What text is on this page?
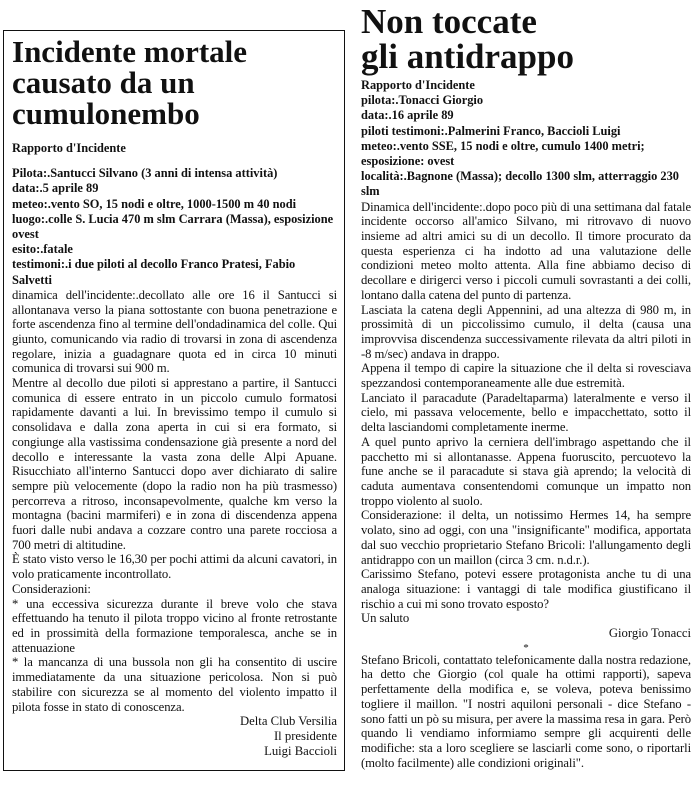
Incidente mortale
causato da un
cumulonembo

Rapporto d'Incidente

Pilota:.Santucci Silvano (3 anni di intensa attività)

data:.5 aprile 89

meteo:.vento SO, 15 nodi e oltre, 1000-1500 m 40 nodi

luogo:.colle S. Lucia 470 m slm Carrara (Massa), esposizione ovest

esito:.fatale

testimoni:.i due piloti al decollo Franco Pratesi, Fabio Salvetti

dinamica dell'incidente:.decollato alle ore 16 il Santucci si allontanava verso la piana sottostante con buona penetrazione e forte ascendenza fino al termine dell'ondadinamica del colle. Qui giunto, comunicando via radio di trovarsi in zona di ascendenza regolare, inizia a guadagnare quota ed in circa 10 minuti comunica di trovarsi sui 900 m.

Mentre al decollo due piloti si apprestano a partire, il Santucci comunica di essere entrato in un piccolo cumulo formatosi rapidamente davanti a lui. In brevissimo tempo il cumulo si consolidava e dalla zona aperta in cui si era formato, si congiunge alla vastissima condensazione già presente a nord del decollo e interessante la vasta zona delle Alpi Apuane. Risucchiato all'interno Santucci dopo aver dichiarato di salire sempre più velocemente (dopo la radio non ha più trasmesso) percorreva a ritroso, inconsapevolmente, qualche km verso la montagna (bacini marmiferi) e in zona di discendenza appena fuori dalle nubi andava a cozzare contro una parete rocciosa a 700 metri di altitudine.

È stato visto verso le 16,30 per pochi attimi da alcuni cavatori, in volo praticamente incontrollato.

Considerazioni:

* una eccessiva sicurezza durante il breve volo che stava effettuando ha tenuto il pilota troppo vicino al fronte retrostante ed in prossimità della formazione temporalesca, anche se in attenuazione

* la mancanza di una bussola non gli ha consentito di uscire immediatamente da una situazione pericolosa. Non si può stabilire con sicurezza se al momento del violento impatto il pilota fosse in stato di conoscenza.

Delta Club Versilia
Il presidente
Luigi Baccioli
Non toccate
gli antidrappo

Rapporto d'Incidente

pilota:.Tonacci Giorgio

data:.16 aprile 89

piloti testimoni:.Palmerini Franco, Baccioli Luigi

meteo:.vento SSE, 15 nodi e oltre, cumulo 1400 metri;

esposizione: ovest

località:.Bagnone (Massa); decollo 1300 slm, atterraggio 230 slm

Dinamica dell'incidente:.dopo poco più di una settimana dal fatale incidente occorso all'amico Silvano, mi ritrovavo di nuovo insieme ad altri amici su di un decollo. Il timore procurato da questa esperienza ci ha indotto ad una valutazione delle condizioni meteo molto attenta. Alla fine abbiamo deciso di decollare e dirigerci verso i piccoli cumuli sovrastanti a dei colli, lontano dalla catena del punto di partenza.

Lasciata la catena degli Appennini, ad una altezza di 980 m, in prossimità di un piccolissimo cumulo, il delta (causa una improvvisa discendenza successivamente rilevata da altri piloti in -8 m/sec) andava in drappo.

Appena il tempo di capire la situazione che il delta si rovesciava spezzandosi contemporaneamente alle due estremità.

Lanciato il paracadute (Paradeltaparma) lateralmente e verso il cielo, mi passava velocemente, bello e impacchettato, sotto il delta lasciandomi completamente inerme.

A quel punto aprivo la cerniera dell'imbrago aspettando che il pacchetto mi si allontanasse. Appena fuoruscito, percuotevo la fune anche se il paracadute si stava già aprendo; la velocità di caduta aumentava consentendomi comunque un impatto non troppo violento al suolo.

Considerazione: il delta, un notissimo Hermes 14, ha sempre volato, sino ad oggi, con una "insignificante" modifica, apportata dal suo vecchio proprietario Stefano Bricoli: l'allungamento degli antidrappo con un maillon (circa 3 cm. n.d.r.).

Carissimo Stefano, potevi essere protagonista anche tu di una analoga situazione: i vantaggi di tale modifica giustificano il rischio a cui mi sono trovato esposto?

Un saluto

Giorgio Tonacci

*

Stefano Bricoli, contattato telefonicamente dalla nostra redazione, ha detto che Giorgio (col quale ha ottimi rapporti), sapeva perfettamente della modifica e, se voleva, poteva benissimo togliere il maillon. "I nostri aquiloni personali - dice Stefano - sono fatti un pò su misura, per avere la massima resa in gara. Però quando li vendiamo informiamo sempre gli acquirenti delle modifiche: sta a loro scegliere se lasciarli come sono, o riportarli (molto facilmente) alle condizioni originali".
